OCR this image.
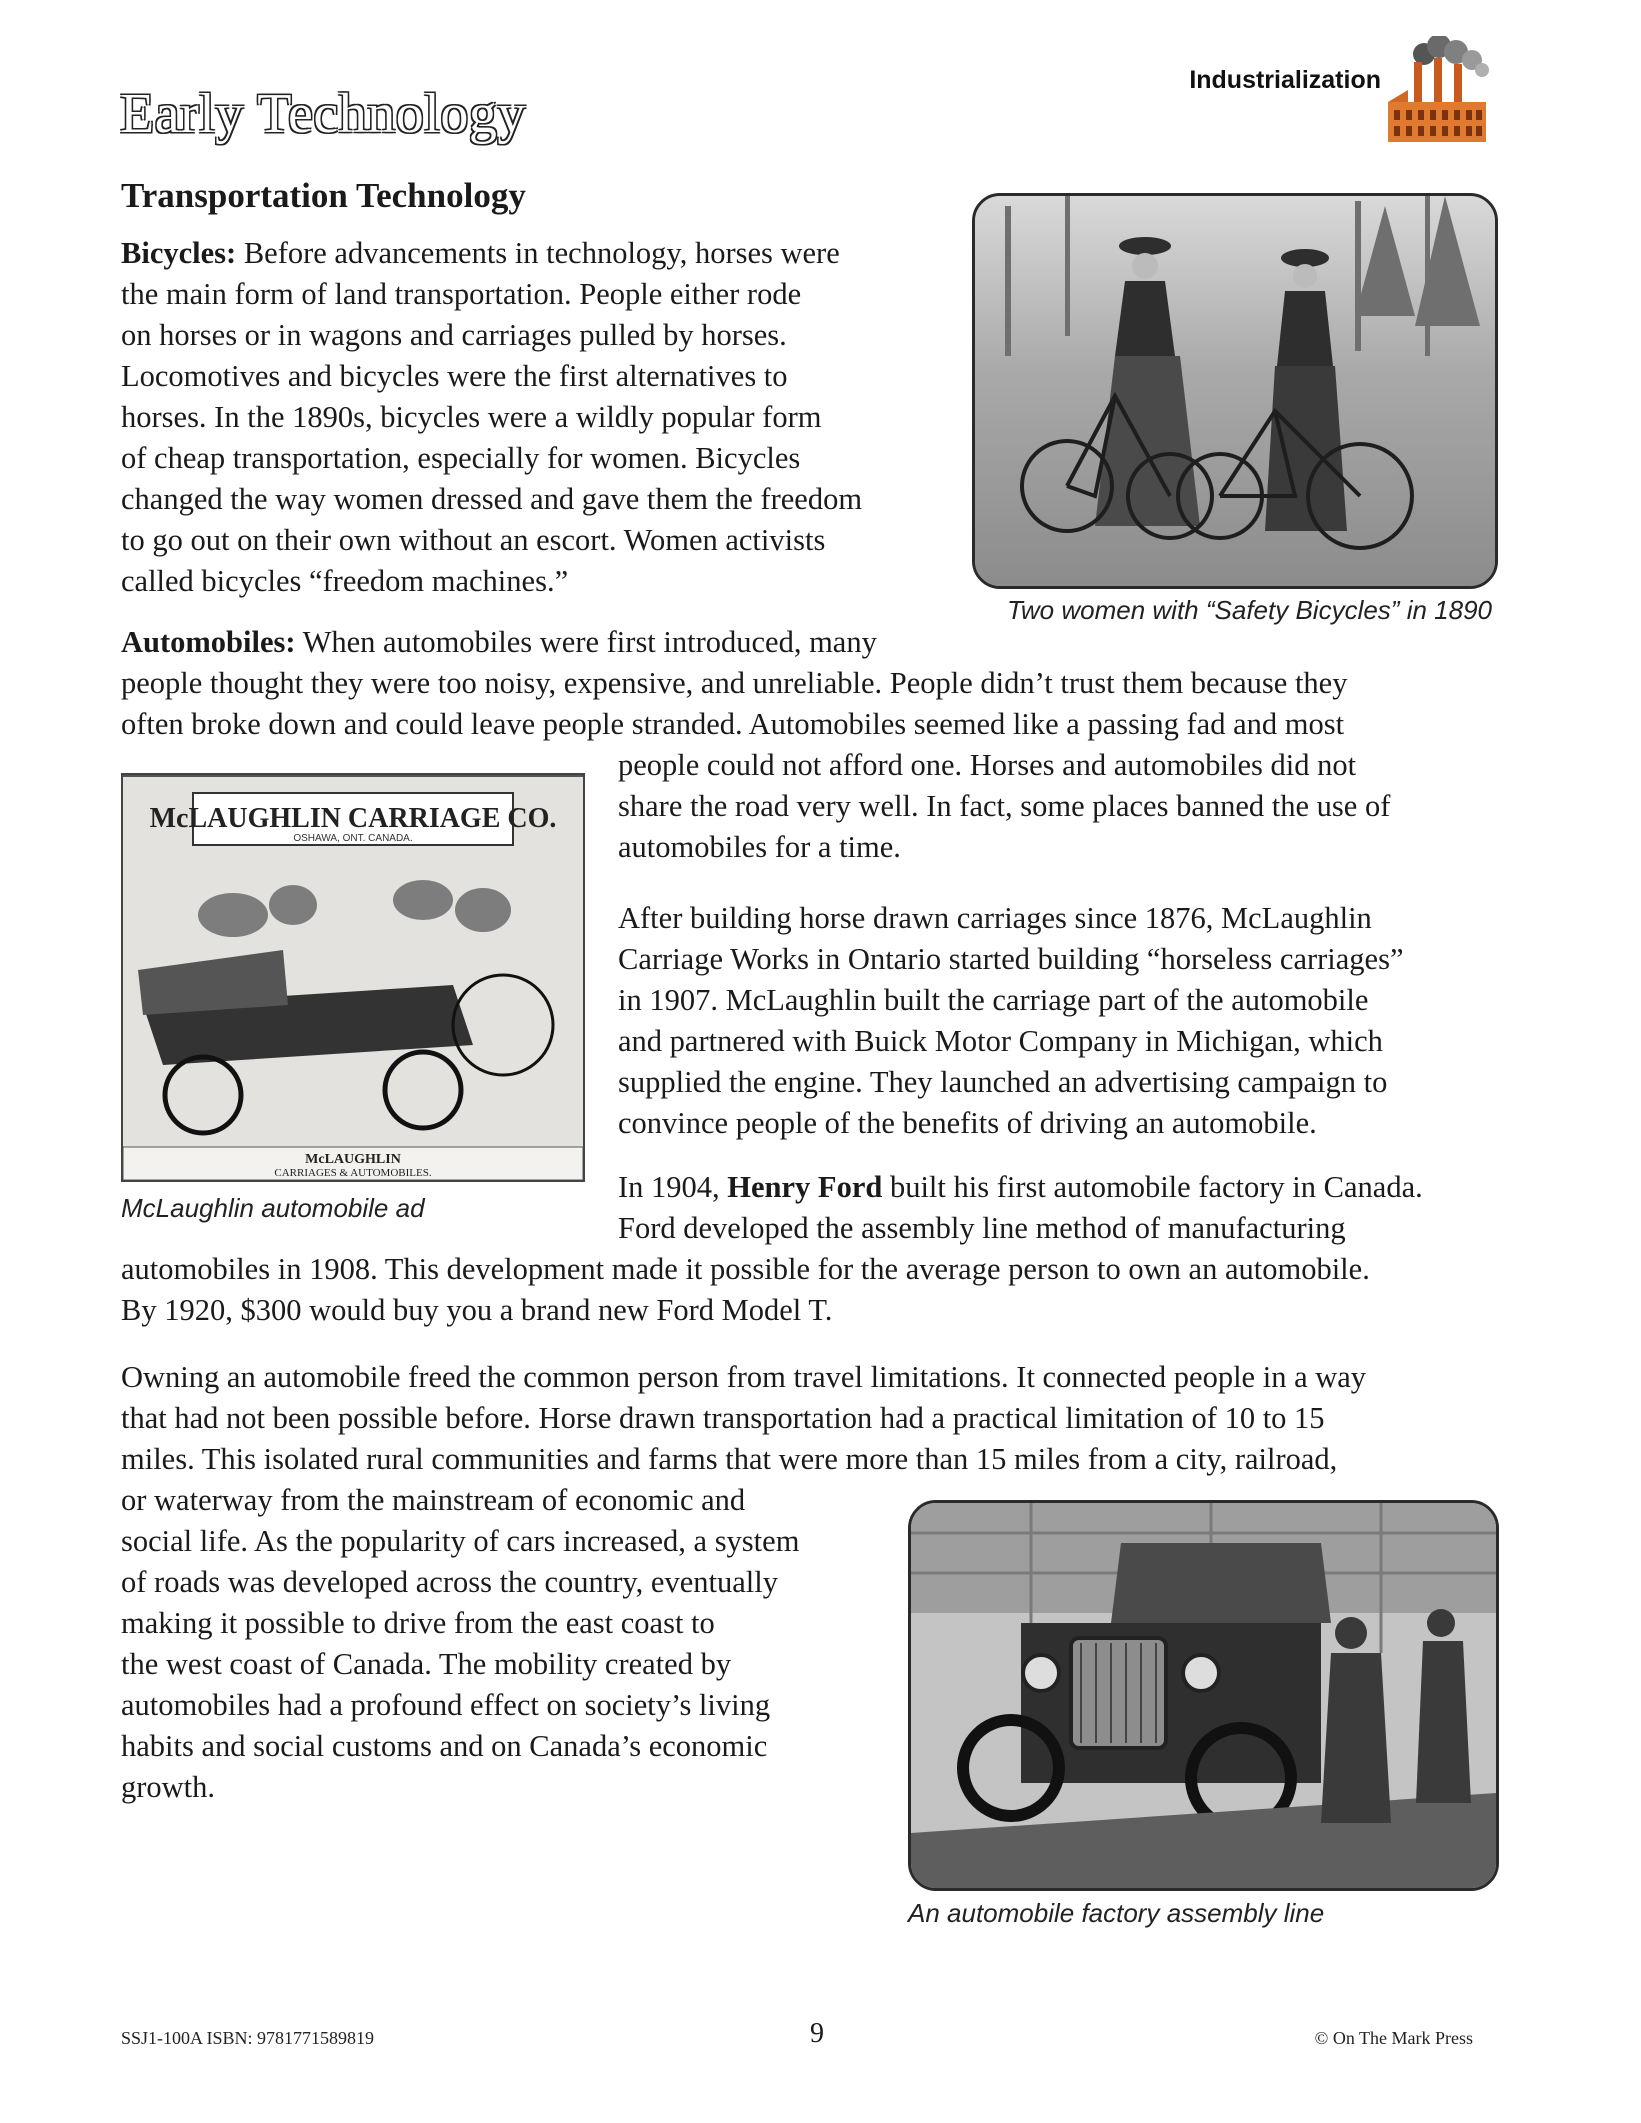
Early Technology
Industrialization
Transportation Technology

Bicycles: Before advancements in technology, horses were

the main form of land transportation. People either rode

on horses or in wagons and carriages pulled by horses.

Locomotives and bicycles were the first alternatives to

horses. In the 1890s, bicycles were a wildly popular form

of cheap transportation, especially for women. Bicycles

changed the way women dressed and gave them the freedom

to go out on their own without an escort. Women activists

called bicycles “freedom machines.”

Two women with “Safety Bicycles” in 1890

Automobiles: When automobiles were first introduced, many

people thought they were too noisy, expensive, and unreliable. People didn’t trust them because they

often broke down and could leave people stranded. Automobiles seemed like a passing fad and most

people could not afford one. Horses and automobiles did not

share the road very well. In fact, some places banned the use of

automobiles for a time.

McLAUGHLIN CARRIAGE CO.
OSHAWA, ONT. CANADA.
McLAUGHLIN
CARRIAGES & AUTOMOBILES.
McLaughlin automobile ad

After building horse drawn carriages since 1876, McLaughlin

Carriage Works in Ontario started building “horseless carriages”

in 1907. McLaughlin built the carriage part of the automobile

and partnered with Buick Motor Company in Michigan, which

supplied the engine. They launched an advertising campaign to

convince people of the benefits of driving an automobile.

In 1904, Henry Ford built his first automobile factory in Canada.

Ford developed the assembly line method of manufacturing

automobiles in 1908. This development made it possible for the average person to own an automobile.

By 1920, $300 would buy you a brand new Ford Model T.

Owning an automobile freed the common person from travel limitations. It connected people in a way

that had not been possible before. Horse drawn transportation had a practical limitation of 10 to 15

miles. This isolated rural communities and farms that were more than 15 miles from a city, railroad,

or waterway from the mainstream of economic and

social life. As the popularity of cars increased, a system

of roads was developed across the country, eventually

making it possible to drive from the east coast to

the west coast of Canada. The mobility created by

automobiles had a profound effect on society’s living

habits and social customs and on Canada’s economic

growth.

An automobile factory assembly line
SSJ1-100A ISBN: 9781771589819	9	© On The Mark Press
